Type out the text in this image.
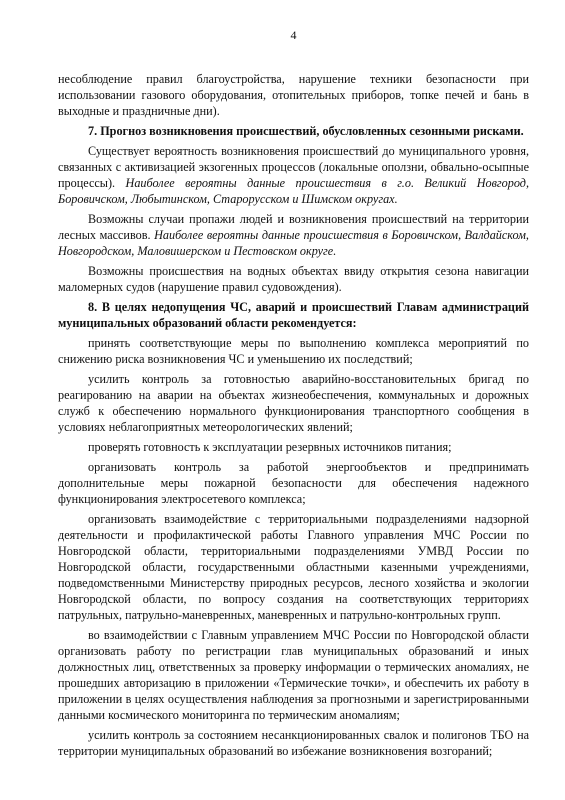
4

несоблюдение правил благоустройства, нарушение техники безопасности при использовании газового оборудования, отопительных приборов, топке печей и бань в выходные и праздничные дни).

7. Прогноз возникновения происшествий, обусловленных сезонными рисками.

Существует вероятность возникновения происшествий до муниципального уровня, связанных с активизацией экзогенных процессов (локальные оползни, обвально-осыпные процессы). Наиболее вероятны данные происшествия в г.о. Великий Новгород, Боровичском, Любытинском, Старорусском и Шимском округах.

Возможны случаи пропажи людей и возникновения происшествий на территории лесных массивов. Наиболее вероятны данные происшествия в Боровичском, Валдайском, Новгородском, Маловишерском и Пестовском округе.

Возможны происшествия на водных объектах ввиду открытия сезона навигации маломерных судов (нарушение правил судовождения).

8. В целях недопущения ЧС, аварий и происшествий Главам администраций муниципальных образований области рекомендуется:

принять соответствующие меры по выполнению комплекса мероприятий по снижению риска возникновения ЧС и уменьшению их последствий;

усилить контроль за готовностью аварийно-восстановительных бригад по реагированию на аварии на объектах жизнеобеспечения, коммунальных и дорожных служб к обеспечению нормального функционирования транспортного сообщения в условиях неблагоприятных метеорологических явлений;

проверять готовность к эксплуатации резервных источников питания;

организовать контроль за работой энергообъектов и предпринимать дополнительные меры пожарной безопасности для обеспечения надежного функционирования электросетевого комплекса;

организовать взаимодействие с территориальными подразделениями надзорной деятельности и профилактической работы Главного управления МЧС России по Новгородской области, территориальными подразделениями УМВД России по Новгородской области, государственными областными казенными учреждениями, подведомственными Министерству природных ресурсов, лесного хозяйства и экологии Новгородской области, по вопросу создания на соответствующих территориях патрульных, патрульно-маневренных, маневренных и патрульно-контрольных групп.

во взаимодействии с Главным управлением МЧС России по Новгородской области организовать работу по регистрации глав муниципальных образований и иных должностных лиц, ответственных за проверку информации о термических аномалиях, не прошедших авторизацию в приложении «Термические точки», и обеспечить их работу в приложении в целях осуществления наблюдения за прогнозными и зарегистрированными данными космического мониторинга по термическим аномалиям;

усилить контроль за состоянием несанкционированных свалок и полигонов ТБО на территории муниципальных образований во избежание возникновения возгораний;
